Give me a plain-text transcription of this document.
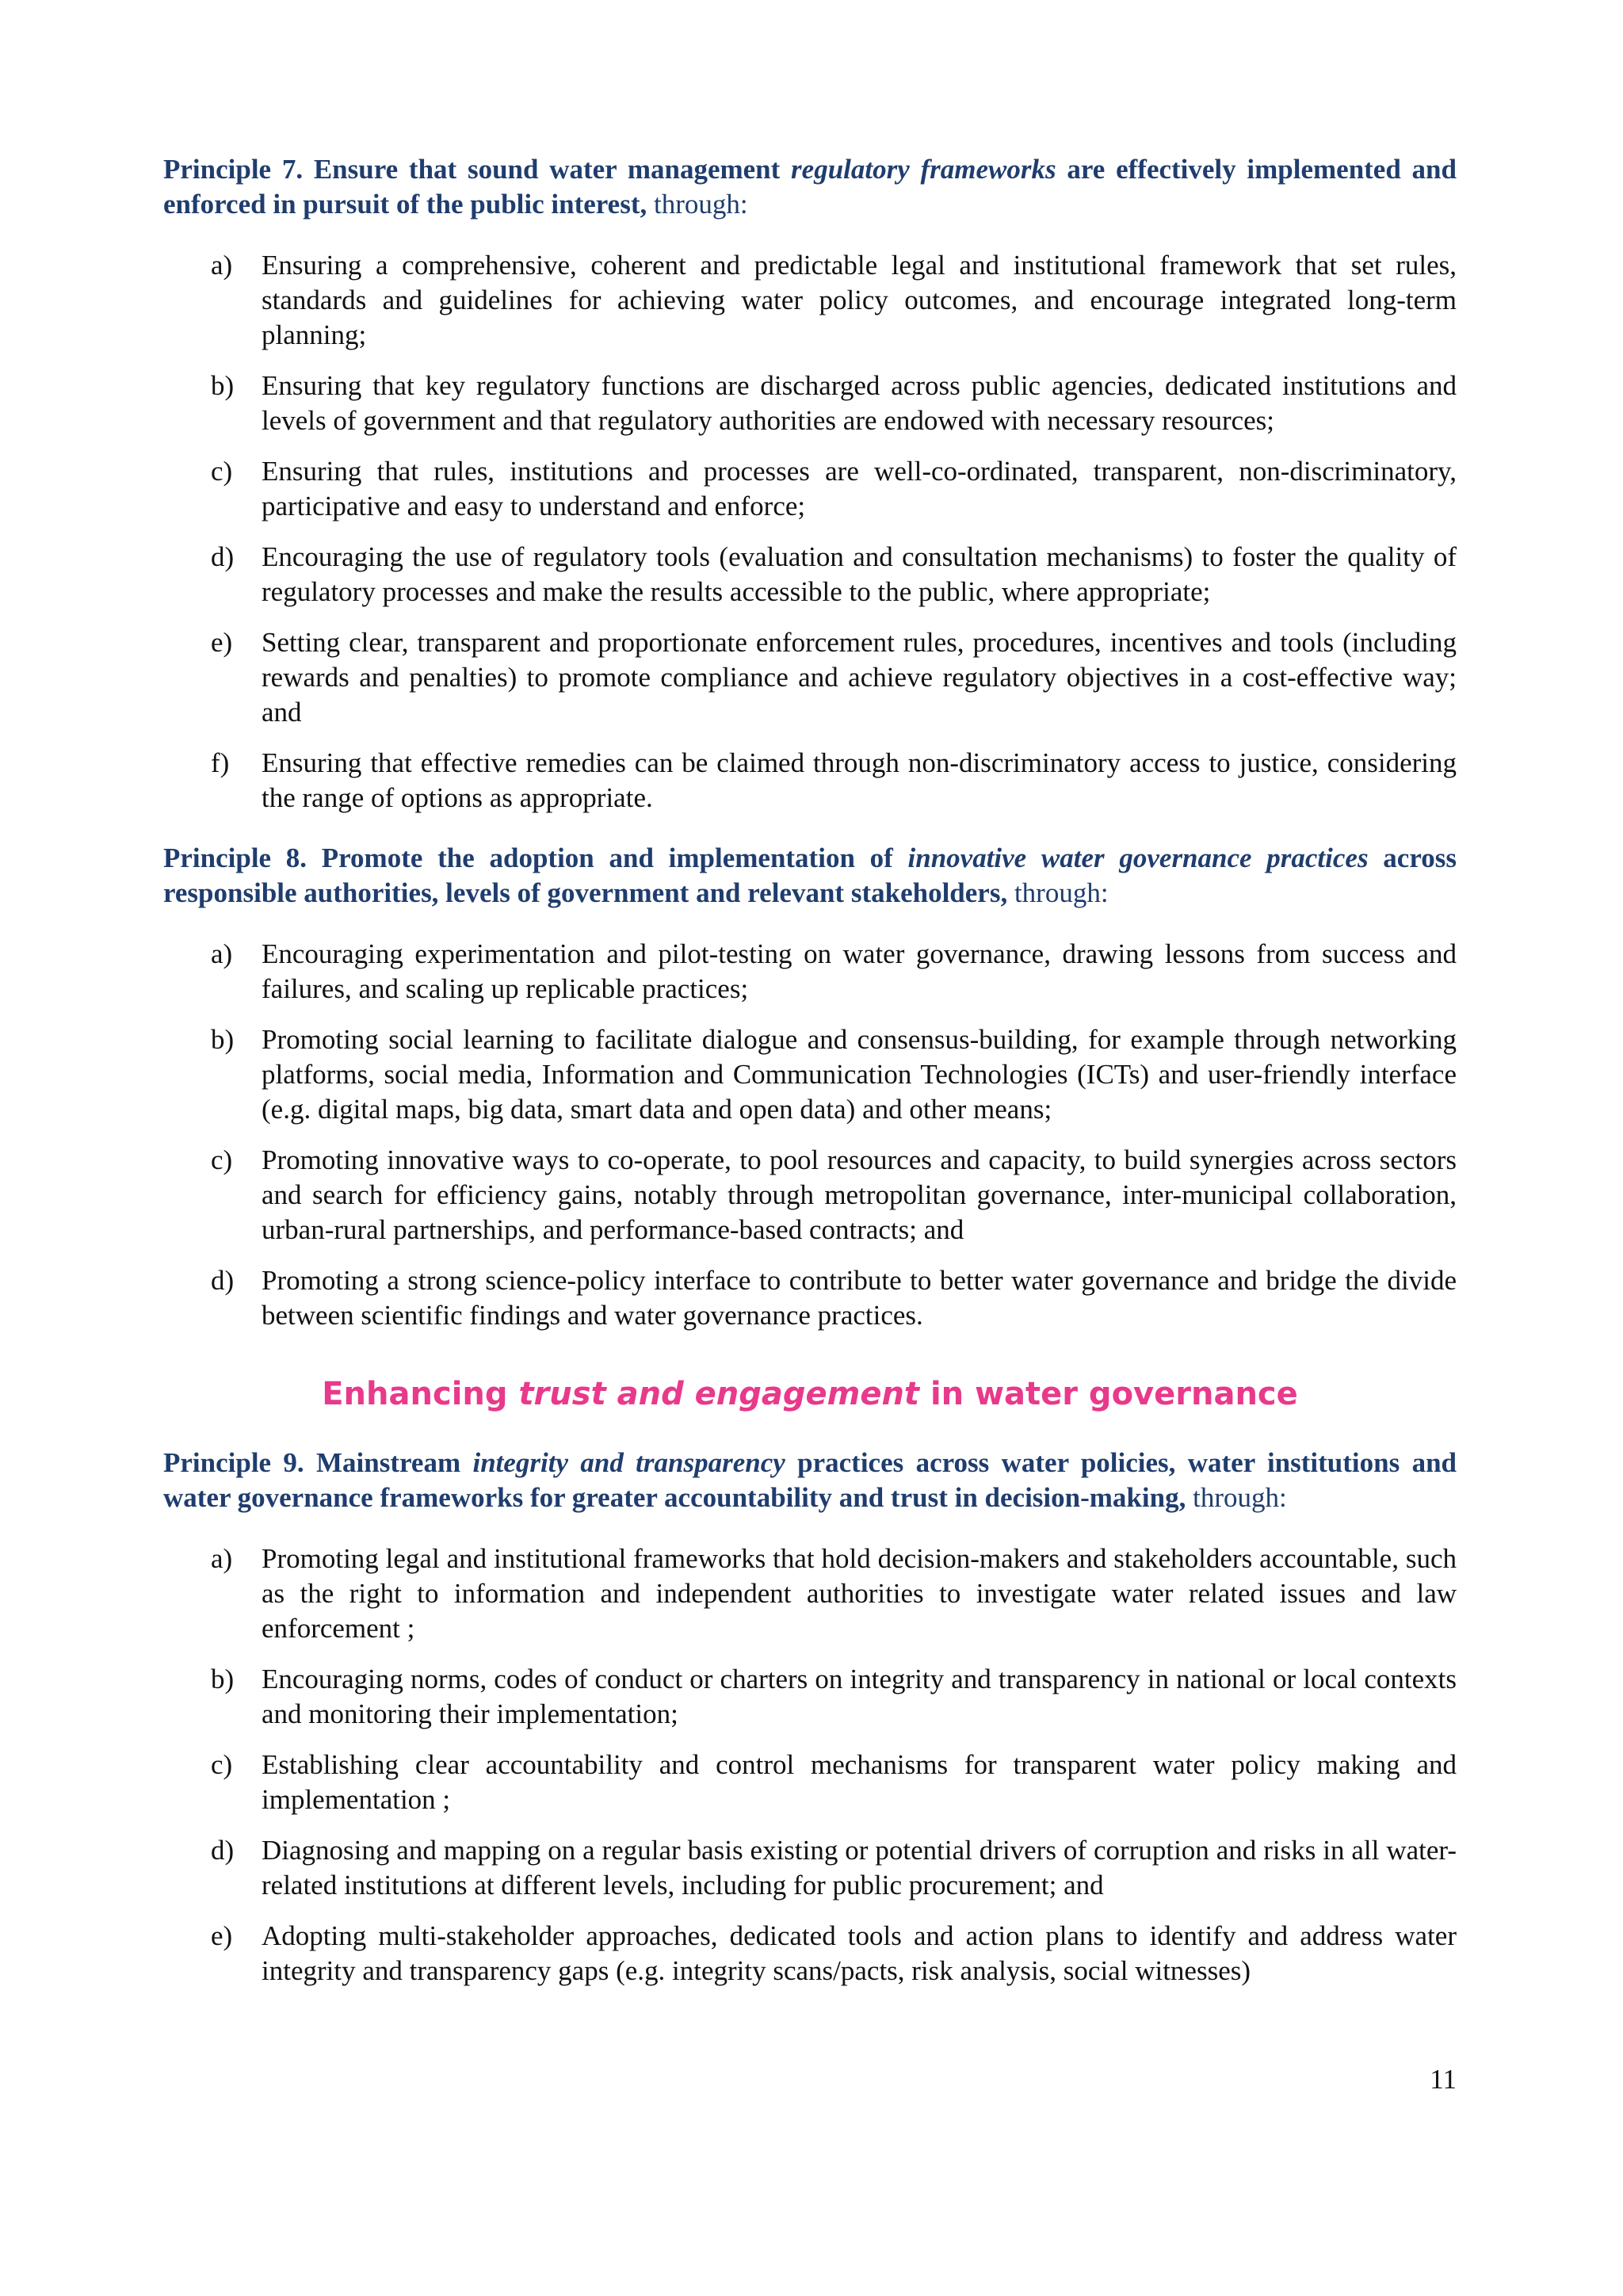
Principle 7. Ensure that sound water management regulatory frameworks are effectively implemented and enforced in pursuit of the public interest, through:

a) Ensuring a comprehensive, coherent and predictable legal and institutional framework that set rules, standards and guidelines for achieving water policy outcomes, and encourage integrated long-term planning;
b) Ensuring that key regulatory functions are discharged across public agencies, dedicated institutions and levels of government and that regulatory authorities are endowed with necessary resources;
c) Ensuring that rules, institutions and processes are well-co-ordinated, transparent, non-discriminatory, participative and easy to understand and enforce;
d) Encouraging the use of regulatory tools (evaluation and consultation mechanisms) to foster the quality of regulatory processes and make the results accessible to the public, where appropriate;
e) Setting clear, transparent and proportionate enforcement rules, procedures, incentives and tools (including rewards and penalties) to promote compliance and achieve regulatory objectives in a cost-effective way; and
f) Ensuring that effective remedies can be claimed through non-discriminatory access to justice, considering the range of options as appropriate.

Principle 8. Promote the adoption and implementation of innovative water governance practices across responsible authorities, levels of government and relevant stakeholders, through:

a) Encouraging experimentation and pilot-testing on water governance, drawing lessons from success and failures, and scaling up replicable practices;
b) Promoting social learning to facilitate dialogue and consensus-building, for example through networking platforms, social media, Information and Communication Technologies (ICTs) and user-friendly interface (e.g. digital maps, big data, smart data and open data) and other means;
c) Promoting innovative ways to co-operate, to pool resources and capacity, to build synergies across sectors and search for efficiency gains, notably through metropolitan governance, inter-municipal collaboration, urban-rural partnerships, and performance-based contracts; and
d) Promoting a strong science-policy interface to contribute to better water governance and bridge the divide between scientific findings and water governance practices.

Enhancing trust and engagement in water governance

Principle 9. Mainstream integrity and transparency practices across water policies, water institutions and water governance frameworks for greater accountability and trust in decision-making, through:

a) Promoting legal and institutional frameworks that hold decision-makers and stakeholders accountable, such as the right to information and independent authorities to investigate water related issues and law enforcement ;
b) Encouraging norms, codes of conduct or charters on integrity and transparency in national or local contexts and monitoring their implementation;
c) Establishing clear accountability and control mechanisms for transparent water policy making and implementation ;
d) Diagnosing and mapping on a regular basis existing or potential drivers of corruption and risks in all water-related institutions at different levels, including for public procurement; and
e) Adopting multi-stakeholder approaches, dedicated tools and action plans to identify and address water integrity and transparency gaps (e.g. integrity scans/pacts, risk analysis, social witnesses)
11
